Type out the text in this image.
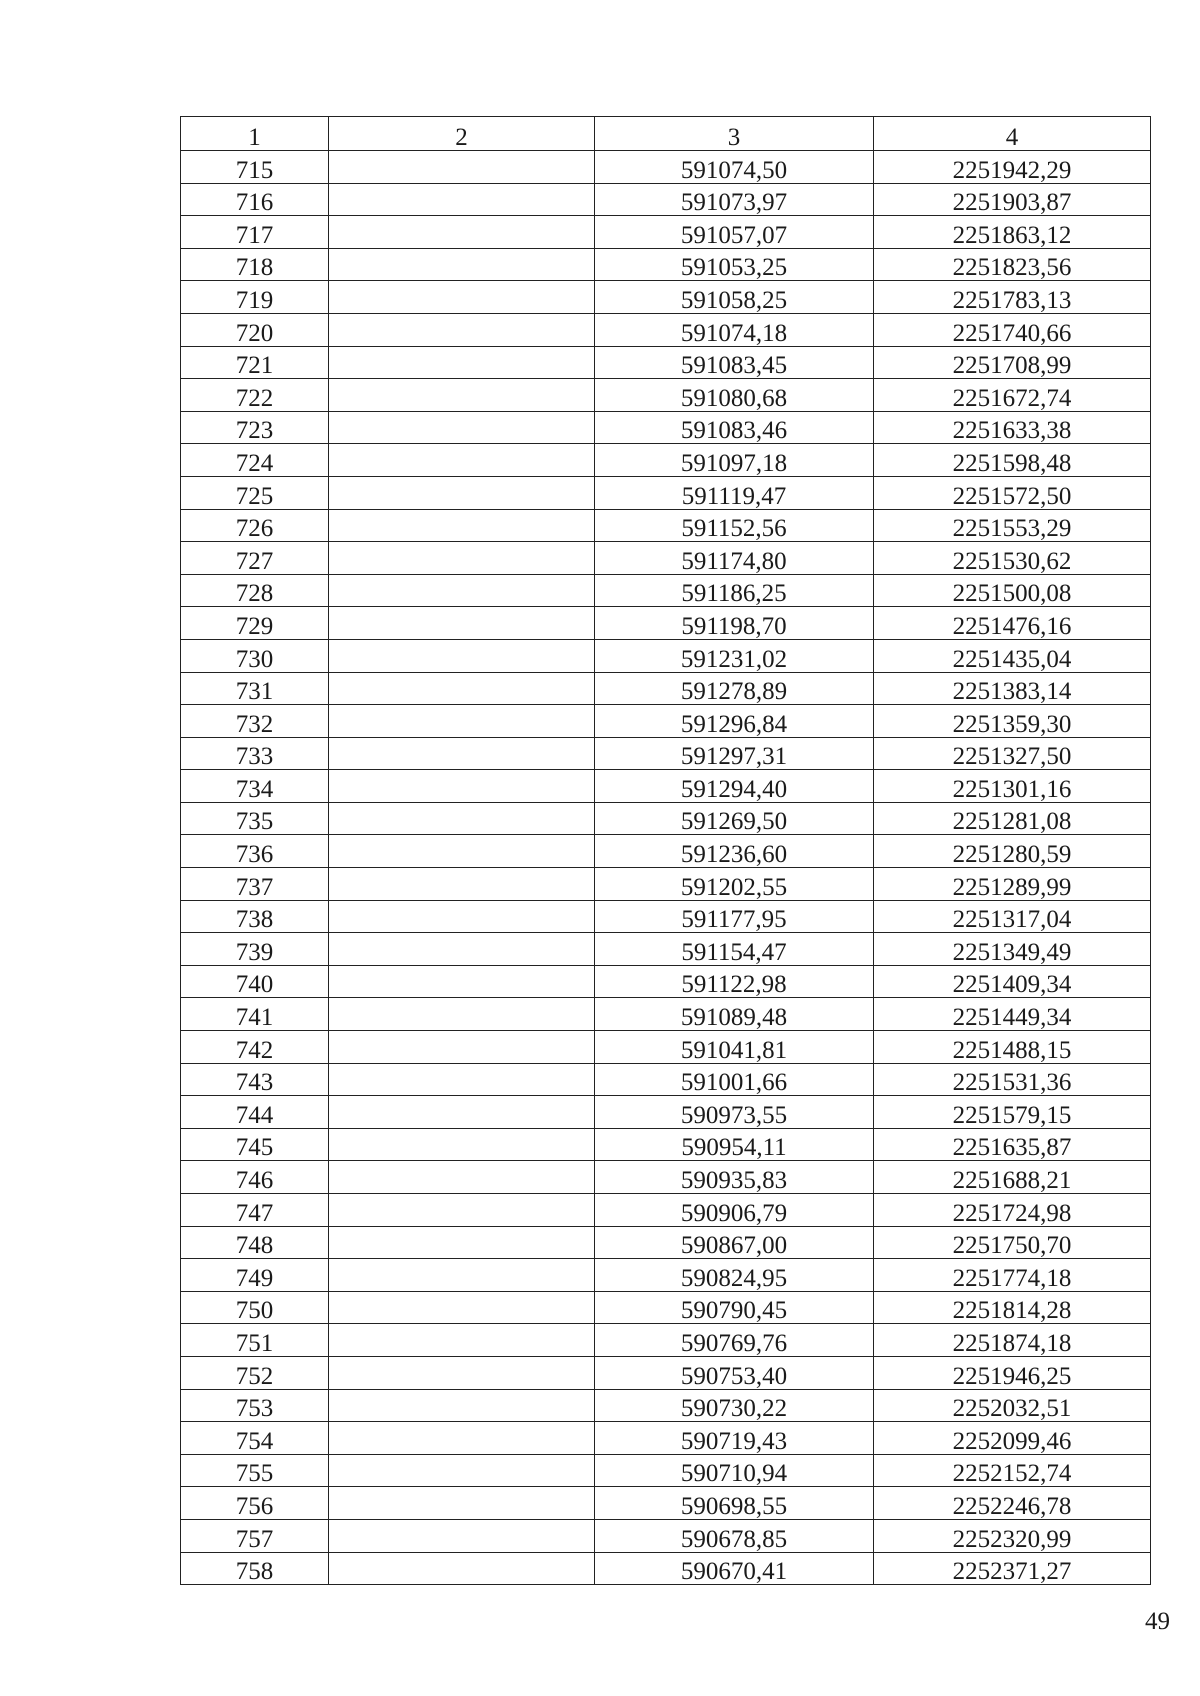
1	2	3	4
715		591074,50	2251942,29
716		591073,97	2251903,87
717		591057,07	2251863,12
718		591053,25	2251823,56
719		591058,25	2251783,13
720		591074,18	2251740,66
721		591083,45	2251708,99
722		591080,68	2251672,74
723		591083,46	2251633,38
724		591097,18	2251598,48
725		591119,47	2251572,50
726		591152,56	2251553,29
727		591174,80	2251530,62
728		591186,25	2251500,08
729		591198,70	2251476,16
730		591231,02	2251435,04
731		591278,89	2251383,14
732		591296,84	2251359,30
733		591297,31	2251327,50
734		591294,40	2251301,16
735		591269,50	2251281,08
736		591236,60	2251280,59
737		591202,55	2251289,99
738		591177,95	2251317,04
739		591154,47	2251349,49
740		591122,98	2251409,34
741		591089,48	2251449,34
742		591041,81	2251488,15
743		591001,66	2251531,36
744		590973,55	2251579,15
745		590954,11	2251635,87
746		590935,83	2251688,21
747		590906,79	2251724,98
748		590867,00	2251750,70
749		590824,95	2251774,18
750		590790,45	2251814,28
751		590769,76	2251874,18
752		590753,40	2251946,25
753		590730,22	2252032,51
754		590719,43	2252099,46
755		590710,94	2252152,74
756		590698,55	2252246,78
757		590678,85	2252320,99
758		590670,41	2252371,27
49
